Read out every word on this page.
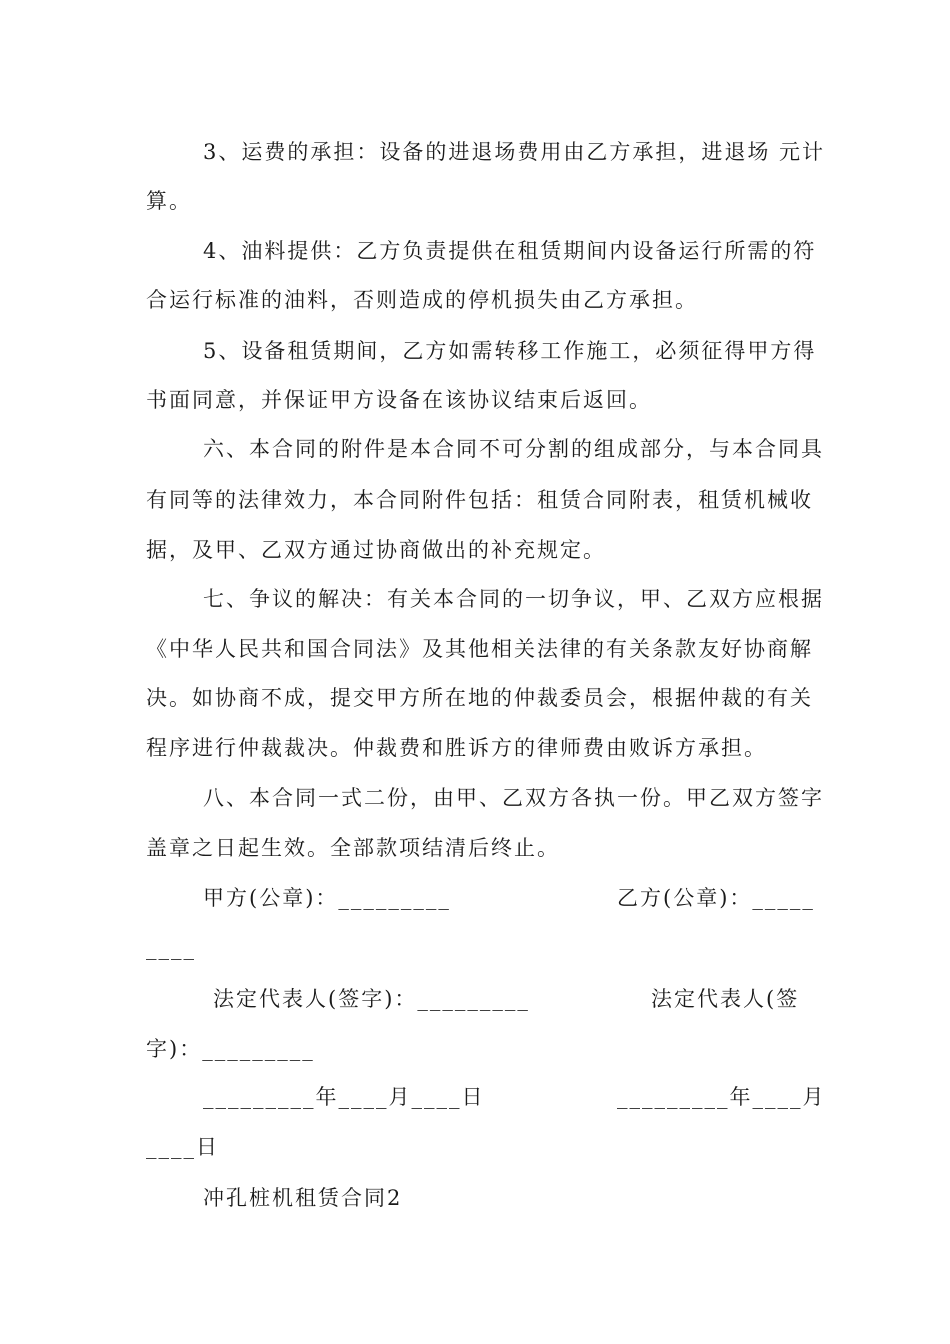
3、运费的承担：设备的进退场费用由乙方承担，进退场 元计
算。
4、油料提供：乙方负责提供在租赁期间内设备运行所需的符
合运行标准的油料，否则造成的停机损失由乙方承担。
5、设备租赁期间，乙方如需转移工作施工，必须征得甲方得
书面同意，并保证甲方设备在该协议结束后返回。
六、本合同的附件是本合同不可分割的组成部分，与本合同具
有同等的法律效力，本合同附件包括：租赁合同附表，租赁机械收
据，及甲、乙双方通过协商做出的补充规定。
七、争议的解决：有关本合同的一切争议，甲、乙双方应根据
《中华人民共和国合同法》及其他相关法律的有关条款友好协商解
决。如协商不成，提交甲方所在地的仲裁委员会，根据仲裁的有关
程序进行仲裁裁决。仲裁费和胜诉方的律师费由败诉方承担。
八、本合同一式二份，由甲、乙双方各执一份。甲乙双方签字
盖章之日起生效。全部款项结清后终止。
甲方(公章)：_________	乙方(公章)：_____
____
法定代表人(签字)：_________	法定代表人(签
字)：_________
_________年____月____日	_________年____月
____日
冲孔桩机租赁合同2
